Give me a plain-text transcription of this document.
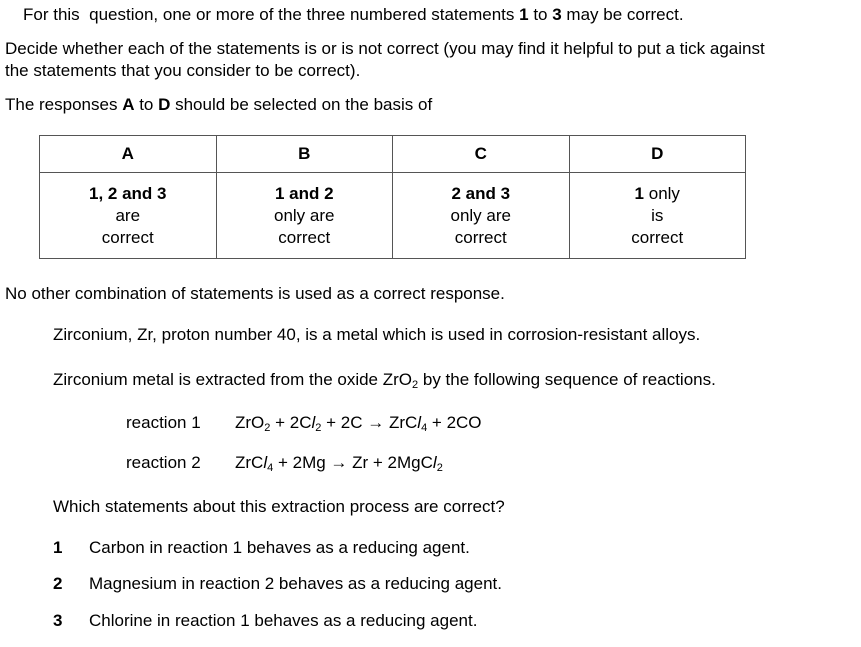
For this question, one or more of the three numbered statements 1 to 3 may be correct.
Decide whether each of the statements is or is not correct (you may find it helpful to put a tick against
the statements that you consider to be correct).
The responses A to D should be selected on the basis of
A	B	C	D
1, 2 and 3
are
correct	1 and 2
only are
correct	2 and 3
only are
correct	1 only
is
correct
No other combination of statements is used as a correct response.
Zirconium, Zr, proton number 40, is a metal which is used in corrosion-resistant alloys.
Zirconium metal is extracted from the oxide ZrO$_2$ by the following sequence of reactions.
reaction 1 $ZrO_2 + 2Cl_2 + 2C$ → ZrCl$_4$ + 2CO
reaction 2 ZrCl$_4$ + 2Mg → Zr + 2MgCl$_2$
Which statements about this extraction process are correct?
1 Carbon in reaction 1 behaves as a reducing agent.
2 Magnesium in reaction 2 behaves as a reducing agent.
3 Chlorine in reaction 1 behaves as a reducing agent.
